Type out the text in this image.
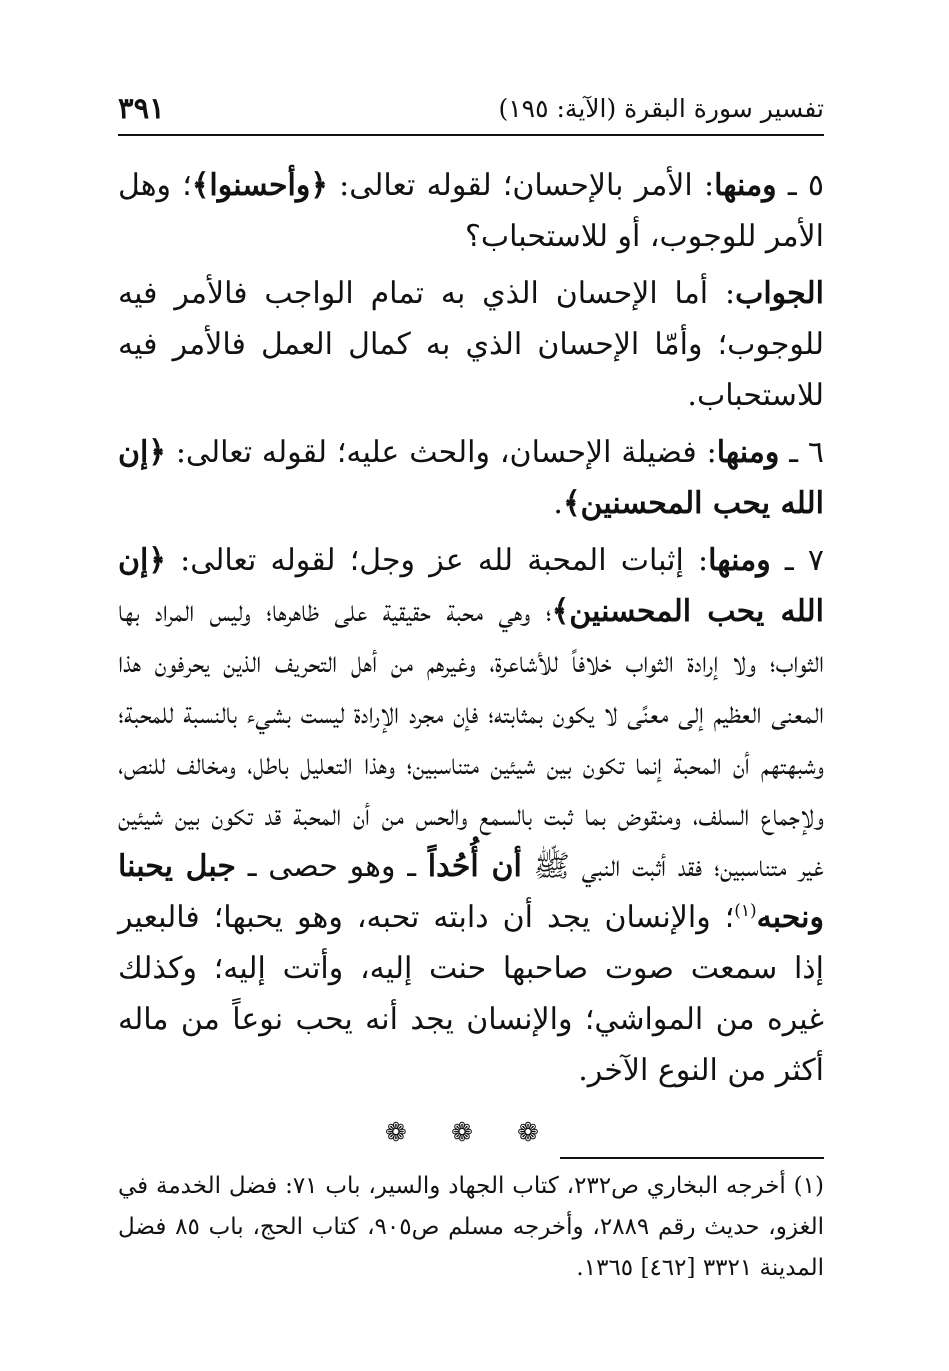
تفسير سورة البقرة (الآية: ١٩٥)
٣٩١

٥ ـ ومنها: الأمر بالإحسان؛ لقوله تعالى: ﴿وأحسنوا﴾؛ وهل الأمر للوجوب، أو للاستحباب؟

الجواب: أما الإحسان الذي به تمام الواجب فالأمر فيه للوجوب؛ وأمّا الإحسان الذي به كمال العمل فالأمر فيه للاستحباب.

٦ ـ ومنها: فضيلة الإحسان، والحث عليه؛ لقوله تعالى: ﴿إن الله يحب المحسنين﴾.

٧ ـ ومنها: إثبات المحبة لله عز وجل؛ لقوله تعالى: ﴿إن الله يحب المحسنين﴾؛ وهي محبة حقيقية على ظاهرها؛ وليس المراد بها الثواب؛ ولا إرادة الثواب خلافاً للأشاعرة، وغيرهم من أهل التحريف الذين يحرفون هذا المعنى العظيم إلى معنًى لا يكون بمثابته؛ فإن مجرد الإرادة ليست بشيء بالنسبة للمحبة؛ وشبهتهم أن المحبة إنما تكون بين شيئين متناسبين؛ وهذا التعليل باطل، ومخالف للنص، ولإجماع السلف، ومنقوض بما ثبت بالسمع والحس من أن المحبة قد تكون بين شيئين غير متناسبين؛ فقد أثبت النبي ﷺ أن أُحُداً ـ وهو حصى ـ جبل يحبنا ونحبه$^{(١)}$؛ والإنسان يجد أن دابته تحبه، وهو يحبها؛ فالبعير إذا سمعت صوت صاحبها حنت إليه، وأتت إليه؛ وكذلك غيره من المواشي؛ والإنسان يجد أنه يحب نوعاً من ماله أكثر من النوع الآخر.

❁ ❁ ❁

(١) أخرجه البخاري ص٢٣٢، كتاب الجهاد والسير، باب ٧١: فضل الخدمة في الغزو، حديث رقم ٢٨٨٩، وأخرجه مسلم ص٩٠٥، كتاب الحج، باب ٨٥ فضل المدينة ٣٣٢١ [٤٦٢] ١٣٦٥.
